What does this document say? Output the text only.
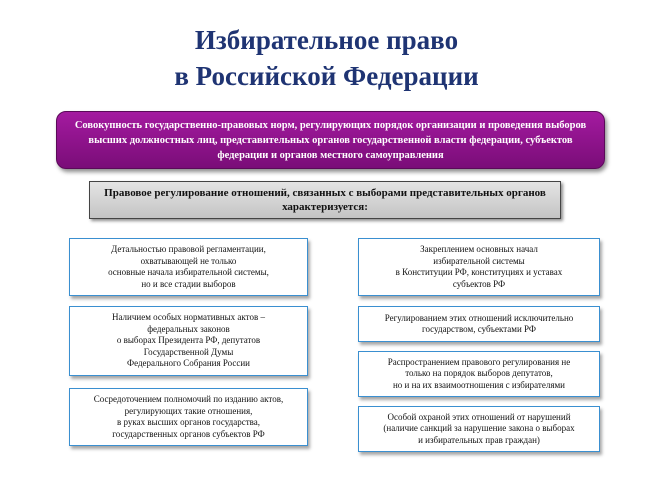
Избирательное право
в Российской Федерации
Совокупность государственно-правовых норм, регулирующих порядок организации и проведения выборов высших должностных лиц, представительных органов государственной власти федерации, субъектов федерации и органов местного самоуправления
Правовое регулирование отношений, связанных с выборами представительных органов характеризуется:
Детальностью правовой регламентации,
охватывающей не только
основные начала избирательной системы,
но и все стадии выборов
Наличием особых нормативных актов –
федеральных законов
о выборах Президента РФ, депутатов
Государственной Думы
Федерального Собрания России
Сосредоточением полномочий по изданию актов,
регулирующих такие отношения,
в руках высших органов государства,
государственных органов субъектов РФ
Закреплением основных начал
избирательной системы
в Конституции РФ, конституциях и уставах
субъектов РФ
Регулированием этих отношений исключительно
государством, субъектами РФ
Распространением правового регулирования не
только на порядок выборов депутатов,
но и на их взаимоотношения с избирателями
Особой охраной этих отношений от нарушений
(наличие санкций за нарушение закона о выборах
и избирательных прав граждан)
